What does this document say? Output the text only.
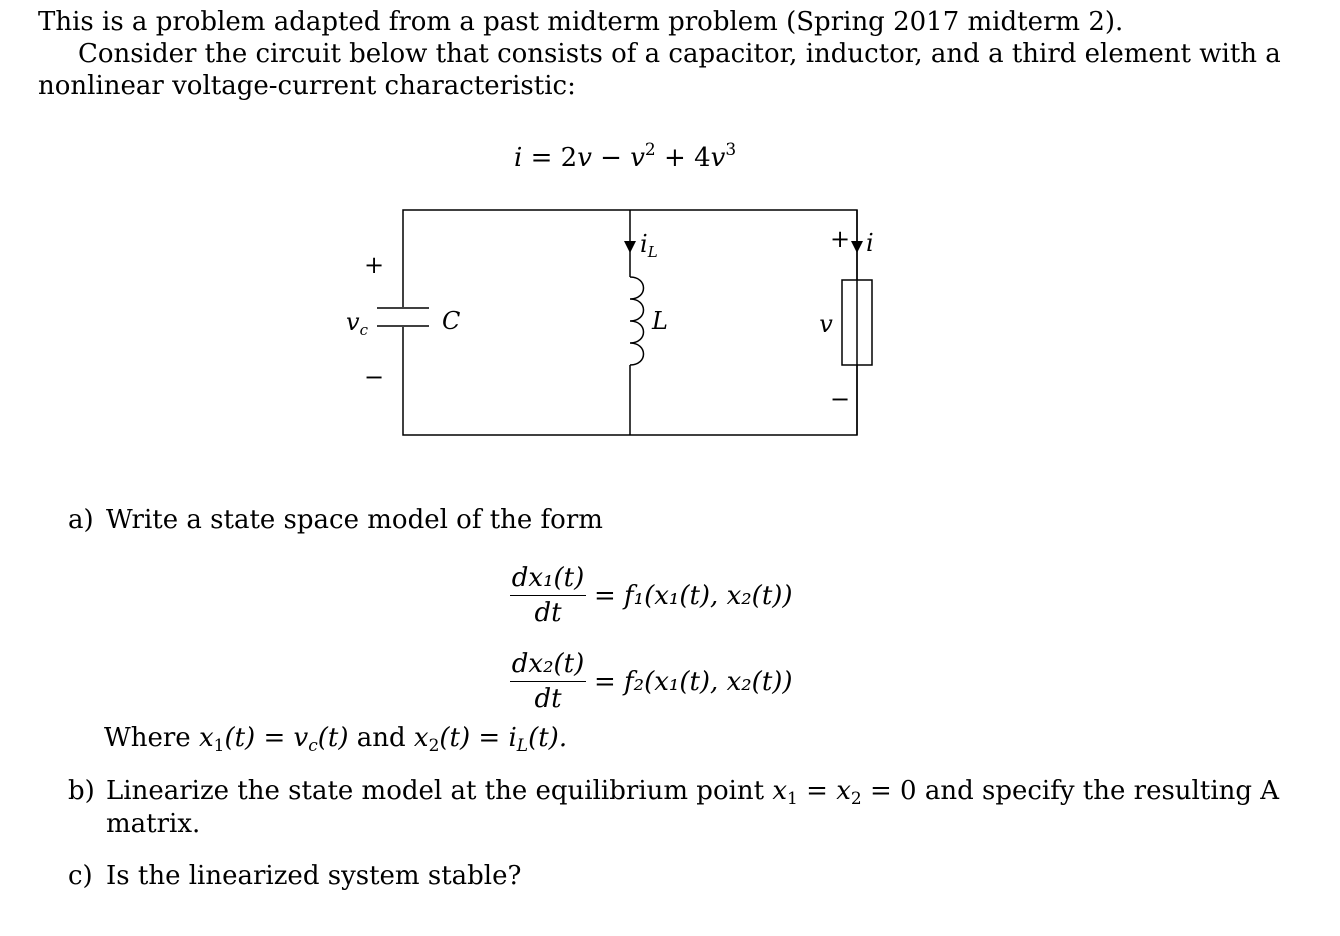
This is a problem adapted from a past midterm problem (Spring 2017 midterm 2).
Consider the circuit below that consists of a capacitor, inductor, and a third element with a
nonlinear voltage-current characteristic:
$i = 2v - v^2 + 4v^3$
+
−
$v_c$	C
$i_L$
L
+ i
v
−
a) Write a state space model of the form
dx₁(t)
dt
= f₁(x₁(t), x₂(t))
dx₂(t)
dt
= f₂(x₁(t), x₂(t))
Where $x_1(t) = v_c(t)$ and $x_2(t) = i_L(t)$.
b) Linearize the state model at the equilibrium point $x_1 = x_2 = 0$ and specify the resulting A
matrix.
c) Is the linearized system stable?
